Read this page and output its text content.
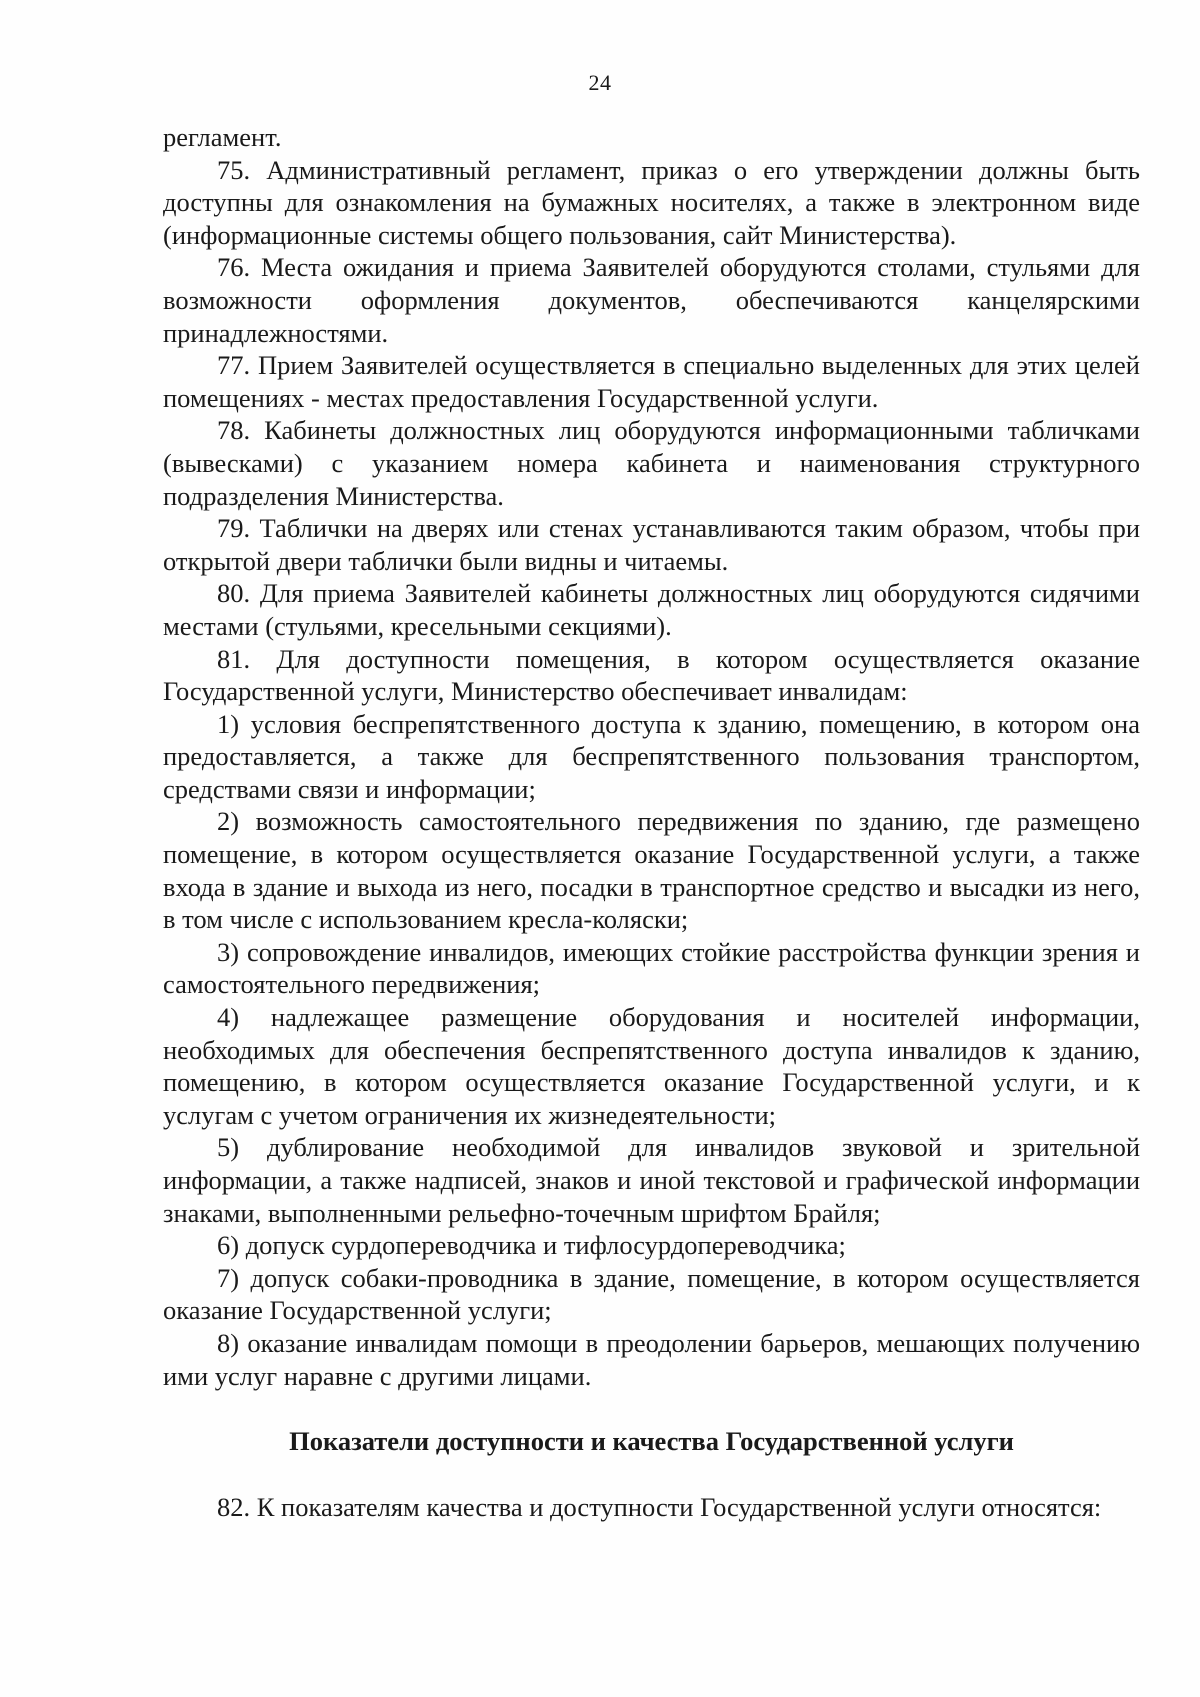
24

регламент.

75. Административный регламент, приказ о его утверждении должны быть доступны для ознакомления на бумажных носителях, а также в электронном виде (информационные системы общего пользования, сайт Министерства).

76. Места ожидания и приема Заявителей оборудуются столами, стульями для возможности оформления документов, обеспечиваются канцелярскими принадлежностями.

77. Прием Заявителей осуществляется в специально выделенных для этих целей помещениях - местах предоставления Государственной услуги.

78. Кабинеты должностных лиц оборудуются информационными табличками (вывесками) с указанием номера кабинета и наименования структурного подразделения Министерства.

79. Таблички на дверях или стенах устанавливаются таким образом, чтобы при открытой двери таблички были видны и читаемы.

80. Для приема Заявителей кабинеты должностных лиц оборудуются сидячими местами (стульями, кресельными секциями).

81. Для доступности помещения, в котором осуществляется оказание Государственной услуги, Министерство обеспечивает инвалидам:

1) условия беспрепятственного доступа к зданию, помещению, в котором она предоставляется, а также для беспрепятственного пользования транспортом, средствами связи и информации;

2) возможность самостоятельного передвижения по зданию, где размещено помещение, в котором осуществляется оказание Государственной услуги, а также входа в здание и выхода из него, посадки в транспортное средство и высадки из него, в том числе с использованием кресла-коляски;

3) сопровождение инвалидов, имеющих стойкие расстройства функции зрения и самостоятельного передвижения;

4) надлежащее размещение оборудования и носителей информации, необходимых для обеспечения беспрепятственного доступа инвалидов к зданию, помещению, в котором осуществляется оказание Государственной услуги, и к услугам с учетом ограничения их жизнедеятельности;

5) дублирование необходимой для инвалидов звуковой и зрительной информации, а также надписей, знаков и иной текстовой и графической информации знаками, выполненными рельефно-точечным шрифтом Брайля;

6) допуск сурдопереводчика и тифлосурдопереводчика;

7) допуск собаки-проводника в здание, помещение, в котором осуществляется оказание Государственной услуги;

8) оказание инвалидам помощи в преодолении барьеров, мешающих получению ими услуг наравне с другими лицами.

Показатели доступности и качества Государственной услуги

82. К показателям качества и доступности Государственной услуги относятся:
